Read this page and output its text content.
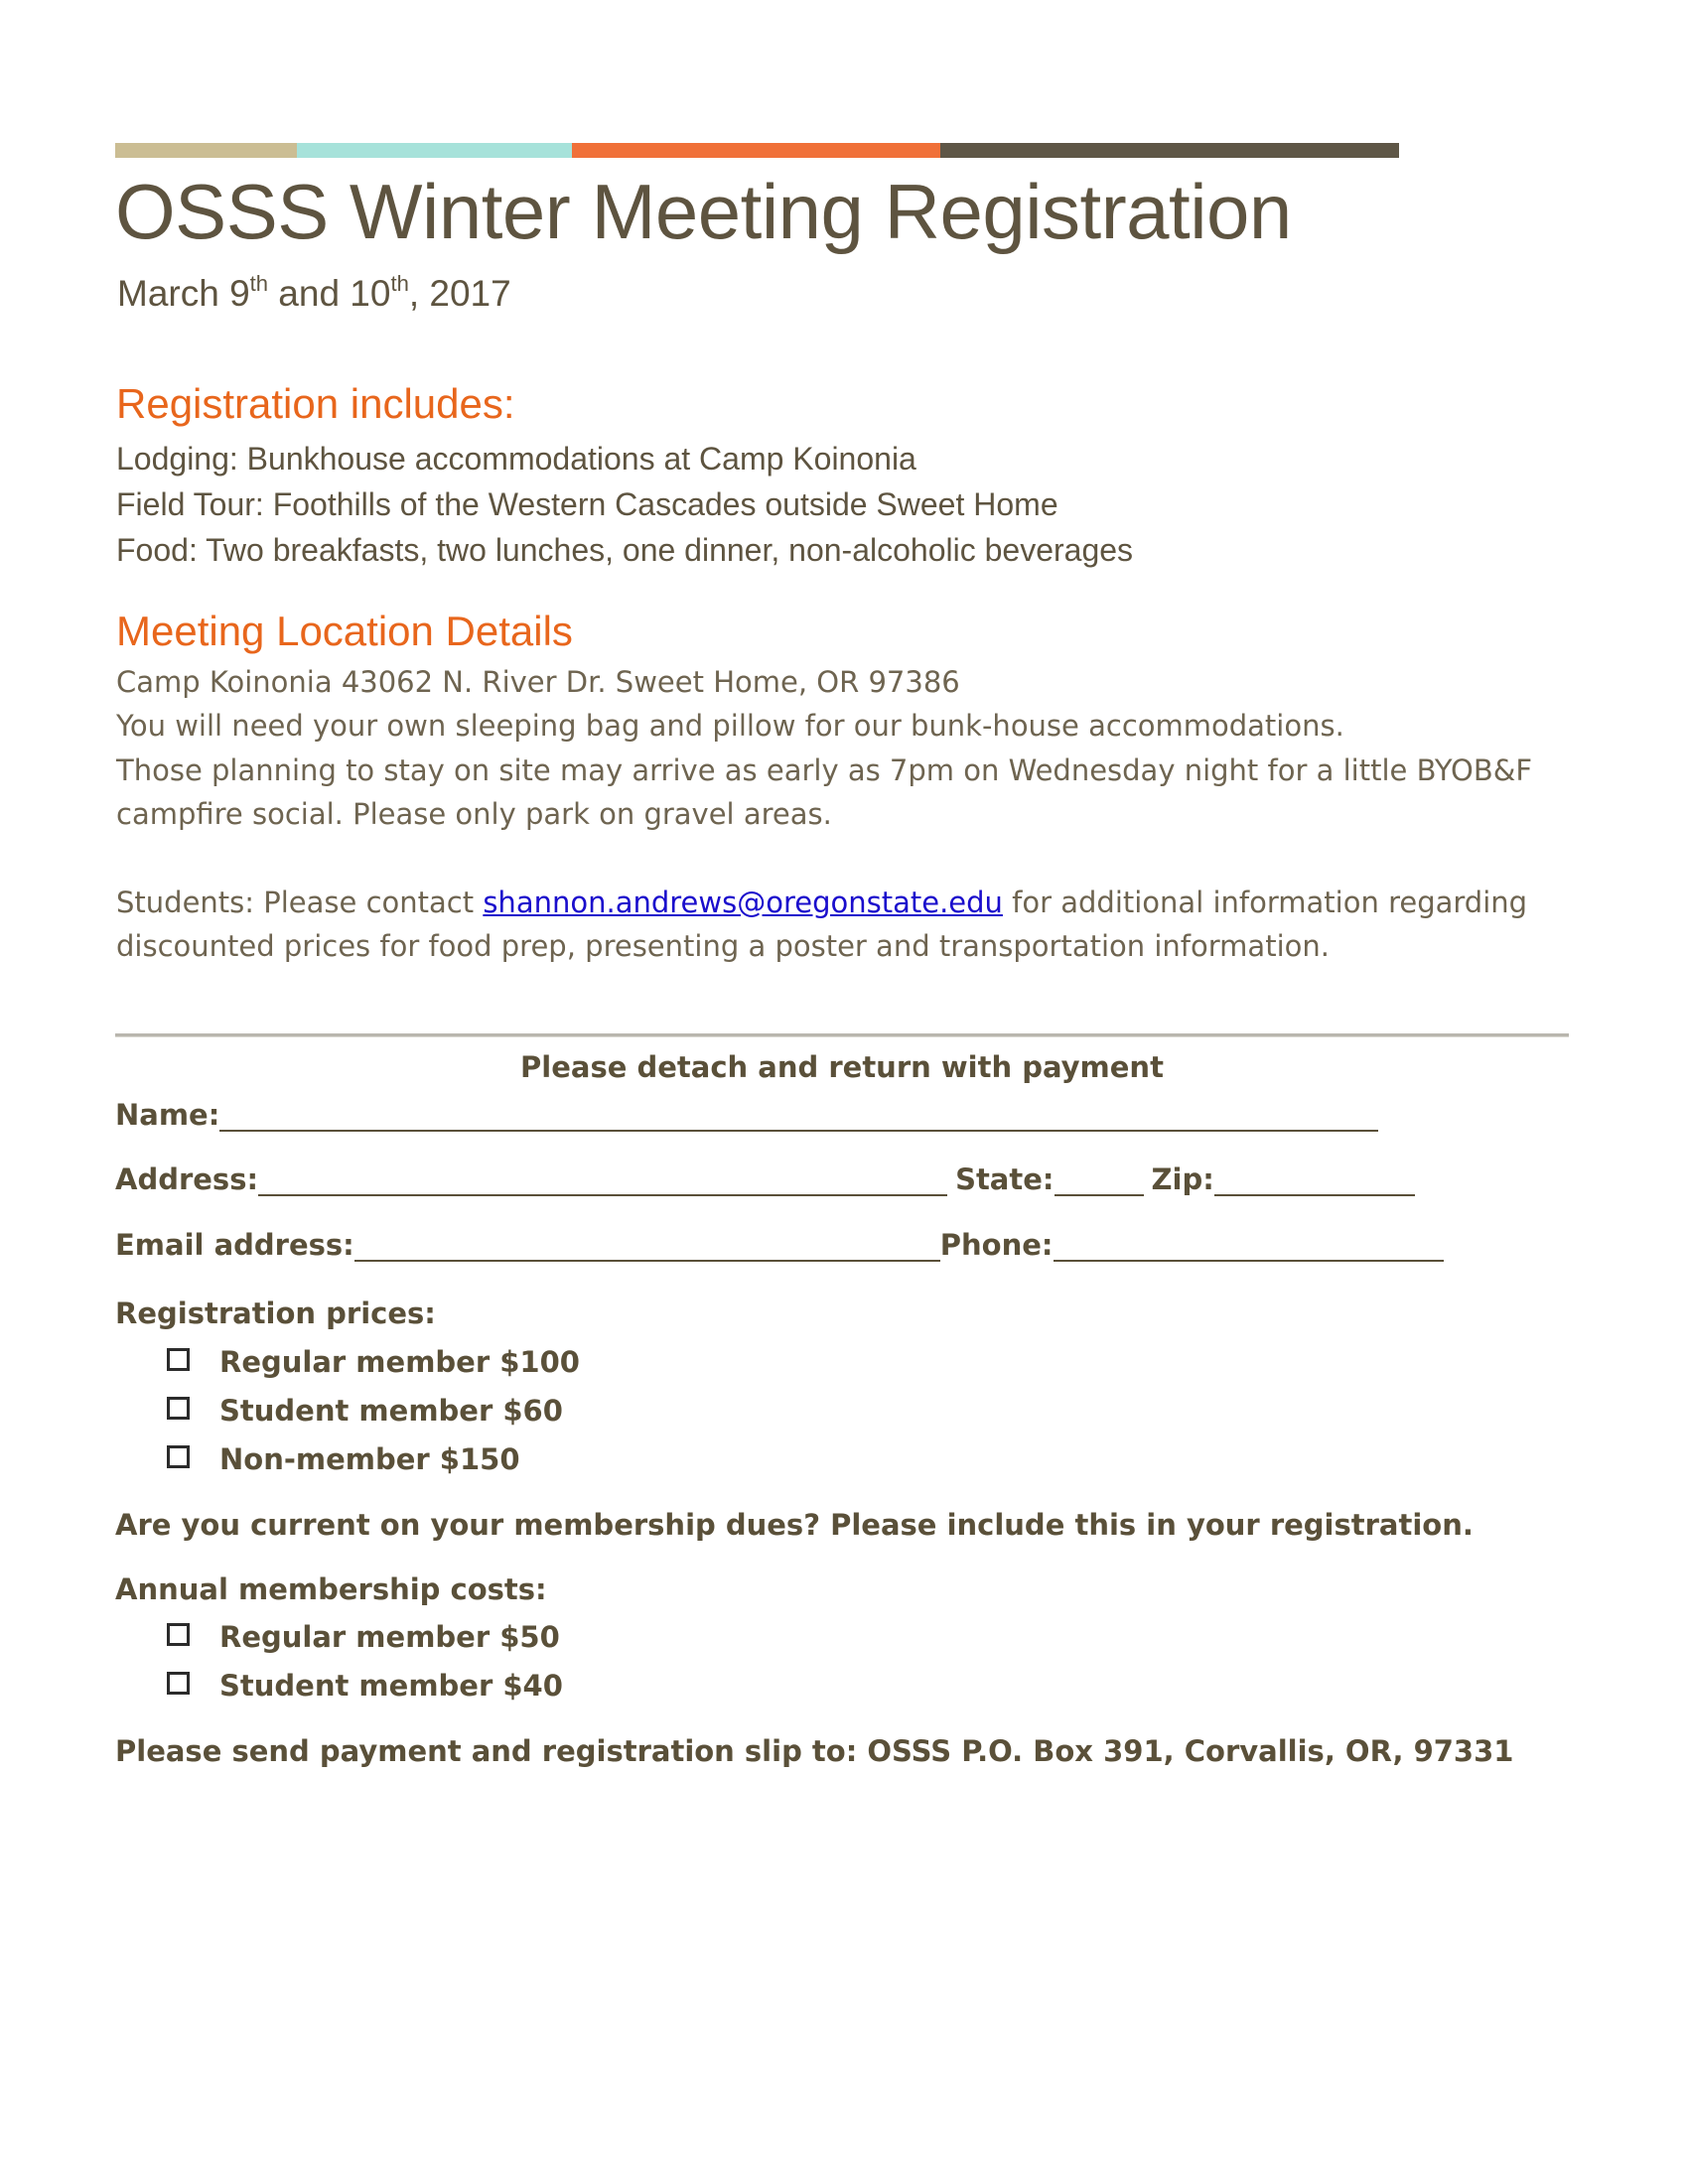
OSSS Winter Meeting Registration
March 9th and 10th, 2017
Registration includes:
Lodging: Bunkhouse accommodations at Camp Koinonia
Field Tour: Foothills of the Western Cascades outside Sweet Home
Food: Two breakfasts, two lunches, one dinner, non-alcoholic beverages
Meeting Location Details
Camp Koinonia 43062 N. River Dr. Sweet Home, OR 97386
You will need your own sleeping bag and pillow for our bunk-house accommodations.
Those planning to stay on site may arrive as early as 7pm on Wednesday night for a little BYOB&F
campfire social. Please only park on gravel areas.
Students: Please contact shannon.andrews@oregonstate.edu for additional information regarding
discounted prices for food prep, presenting a poster and transportation information.
Please detach and return with payment
Name:
Address:	State:	Zip:
Email address:	Phone:
Registration prices:
Regular member $100
Student member $60
Non-member $150
Are you current on your membership dues? Please include this in your registration.
Annual membership costs:
Regular member $50
Student member $40
Please send payment and registration slip to: OSSS P.O. Box 391, Corvallis, OR, 97331
